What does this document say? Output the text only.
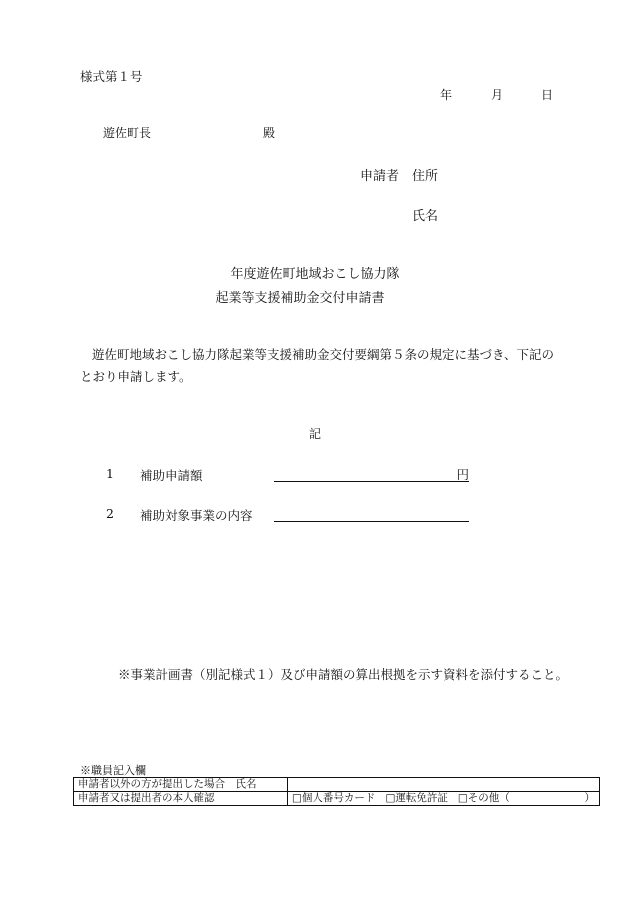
様式第１号
年	月	日
遊佐町長	殿
申請者 住所
氏名
年度遊佐町地域おこし協力隊
起業等支援補助金交付申請書
遊佐町地域おこし協力隊起業等支援補助金交付要綱第５条の規定に基づき、下記のとおり申請します。
記
1 補助申請額	円
2 補助対象事業の内容
※事業計画書（別記様式１）及び申請額の算出根拠を示す資料を添付すること。
※職員記入欄
申請者以外の方が提出した場合　氏名	
申請者又は提出者の本人確認	□個人番号カード □運転免許証 □その他（ ）
